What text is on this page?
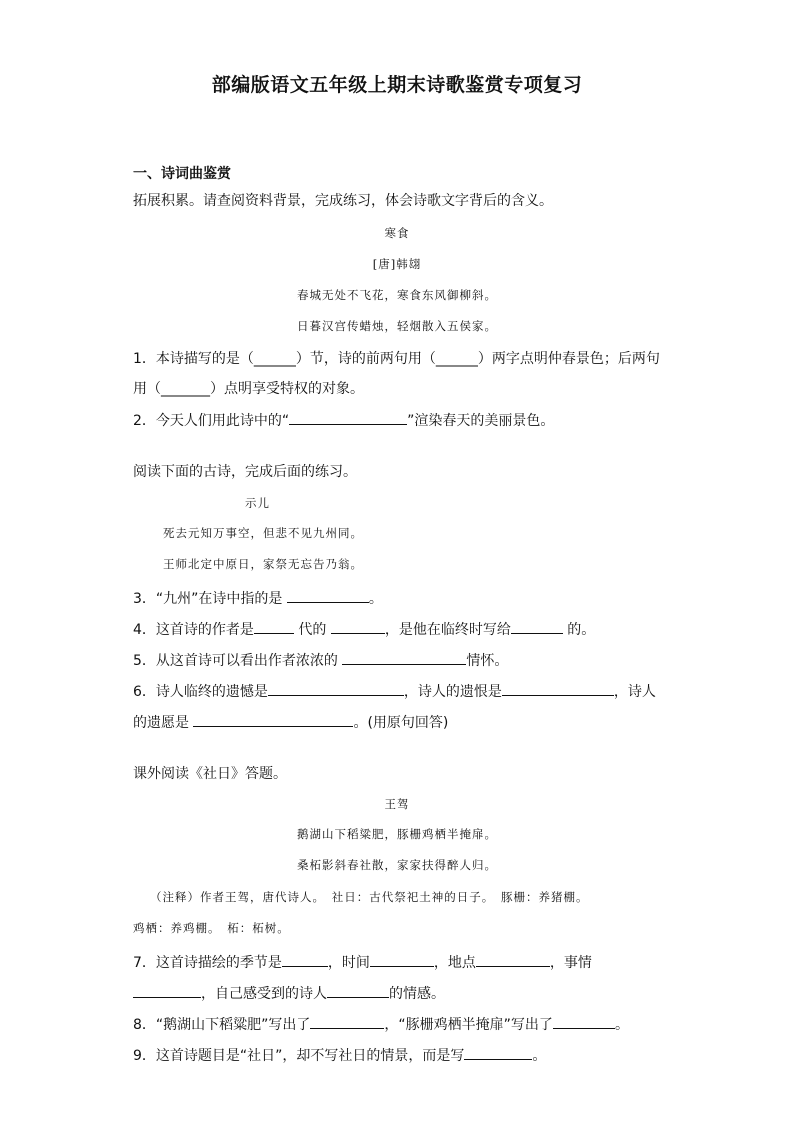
部编版语文五年级上期末诗歌鉴赏专项复习
一、诗词曲鉴赏
拓展积累。请查阅资料背景，完成练习，体会诗歌文字背后的含义。
寒食
[唐]韩翃
春城无处不飞花，寒食东风御柳斜。
日暮汉宫传蜡烛，轻烟散入五侯家。
1．本诗描写的是（______）节，诗的前两句用（______）两字点明仲春景色；后两句
用（_______）点明享受特权的对象。
2．今天人们用此诗中的“	”渲染春天的美丽景色。
阅读下面的古诗，完成后面的练习。
示儿
死去元知万事空，但悲不见九州同。
王师北定中原日，家祭无忘告乃翁。
3．“九州”在诗中指的是	。
4．这首诗的作者是	代的	，是他在临终时写给	的。
5．从这首诗可以看出作者浓浓的	情怀。
6．诗人临终的遗憾是	，诗人的遗恨是	，诗人
的遗愿是	。(用原句回答)
课外阅读《社日》答题。
王驾
鹅湖山下稻粱肥，豚栅鸡栖半掩扉。
桑柘影斜春社散，家家扶得醉人归。
（注释）作者王驾，唐代诗人。　社日：古代祭祀土神的日子。　豚栅：养猪棚。
鸡栖：养鸡棚。　柘：柘树。
7．这首诗描绘的季节是	，时间	，地点	，事情
，自己感受到的诗人	的情感。
8．“鹅湖山下稻粱肥”写出了	，“豚栅鸡栖半掩扉”写出了	。
9．这首诗题目是“社日”，却不写社日的情景，而是写	。
